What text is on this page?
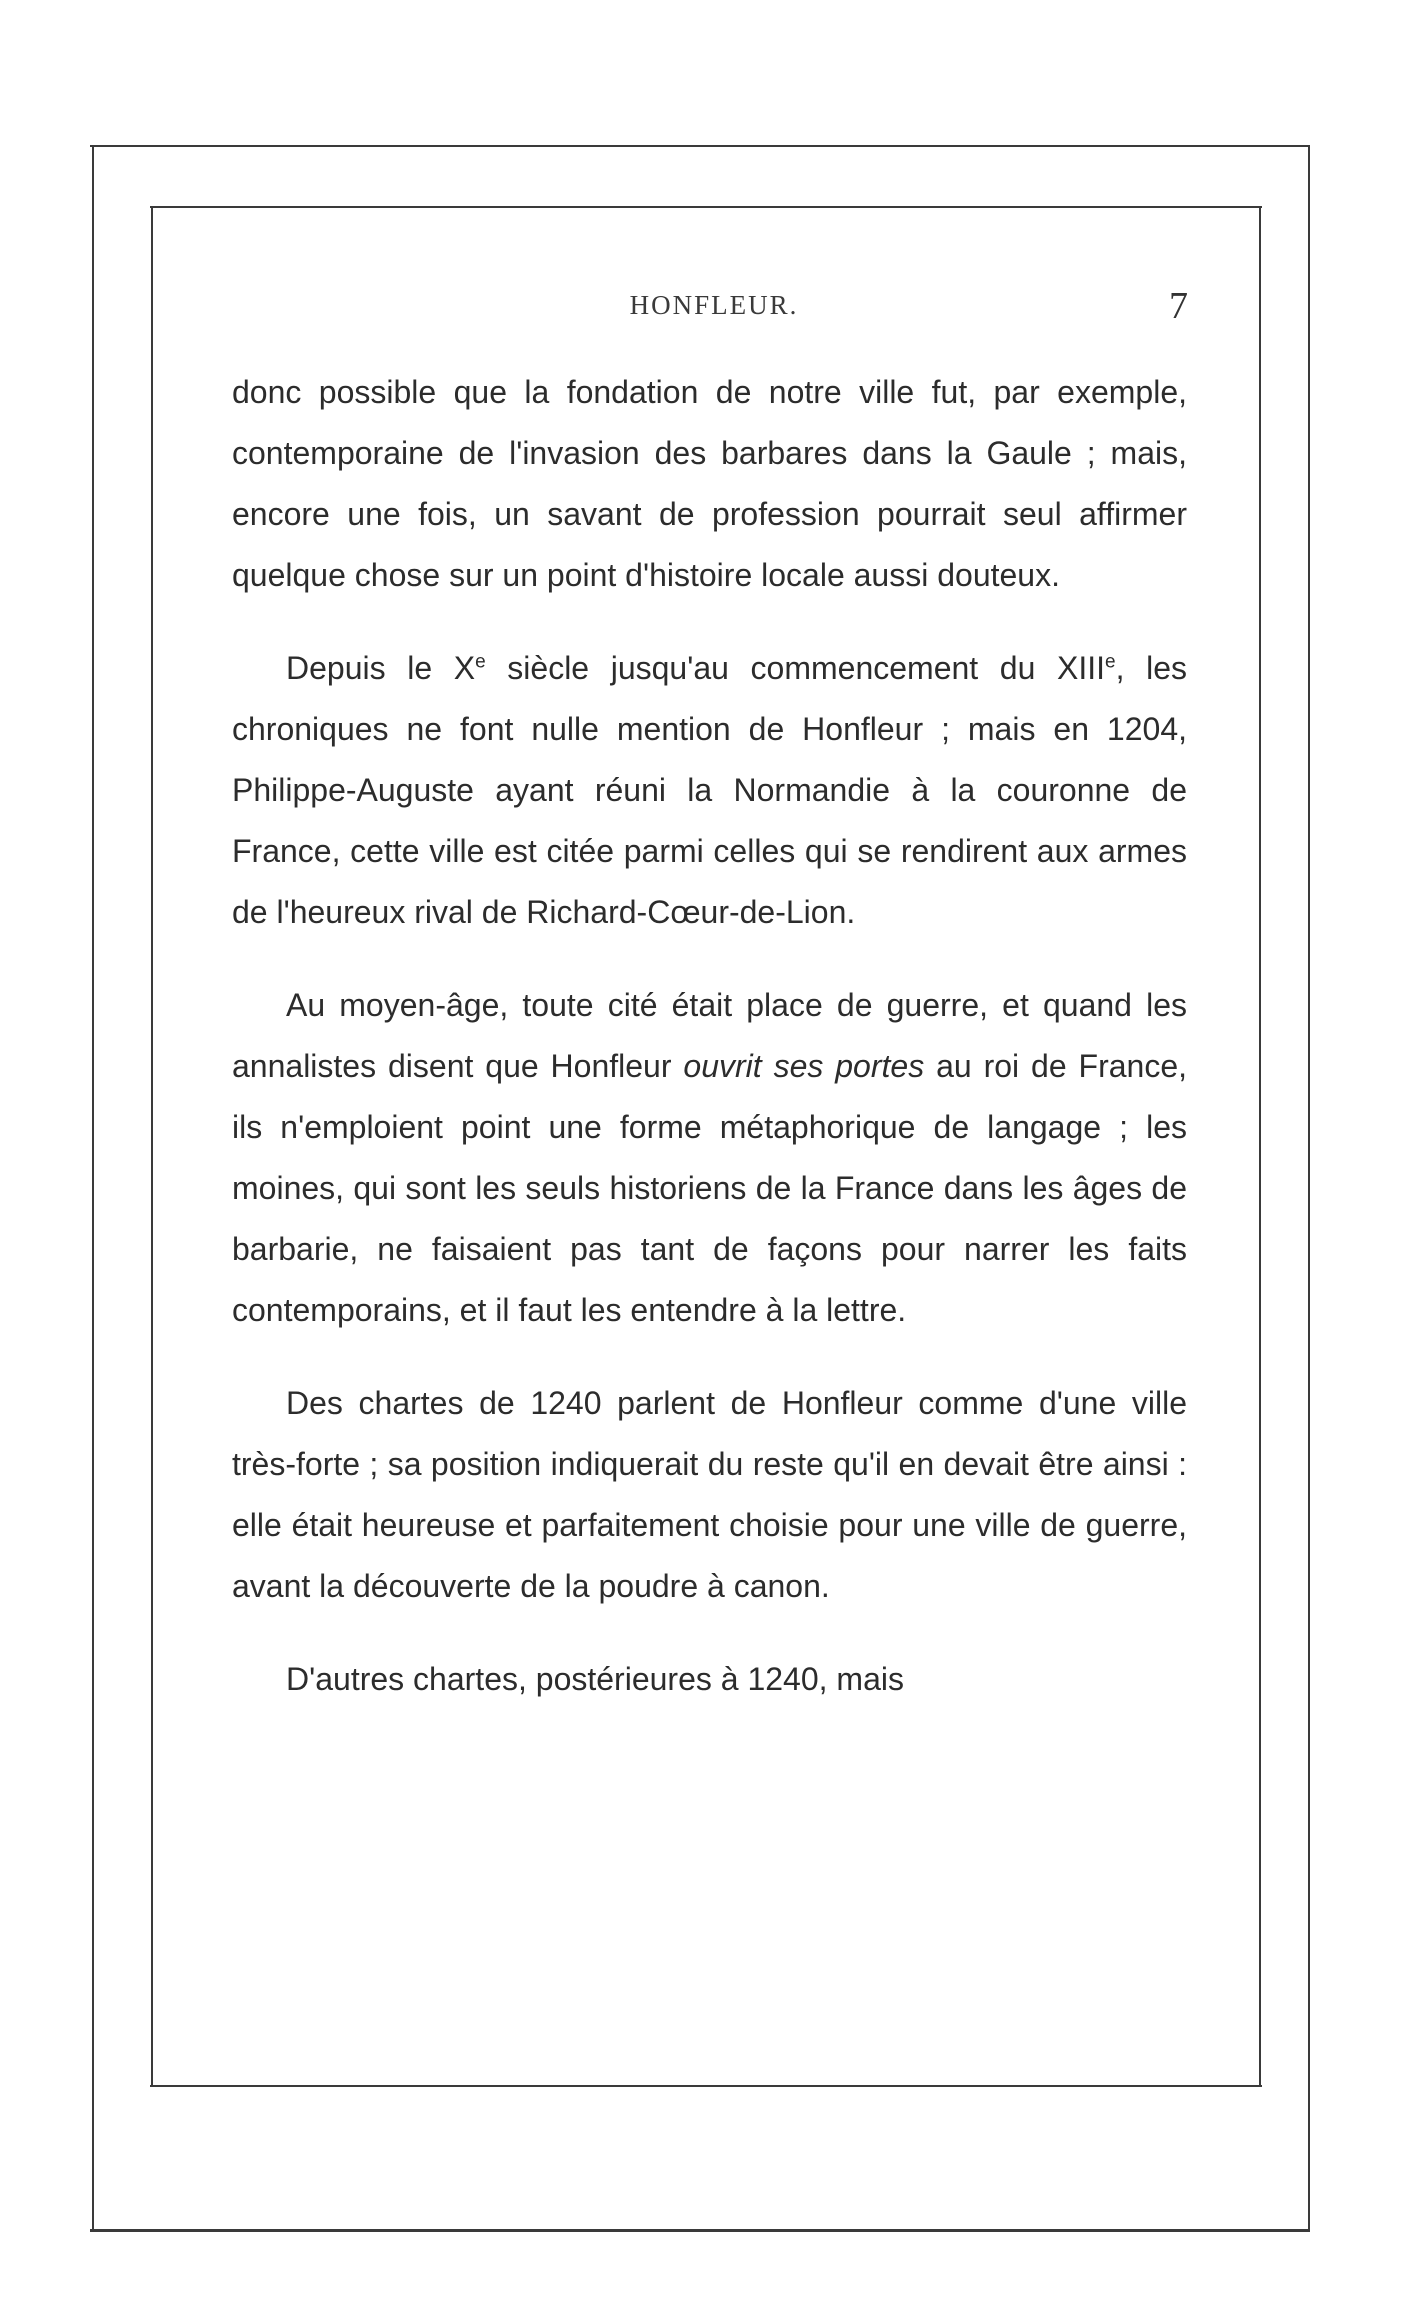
HONFLEUR.	7

donc possible que la fondation de notre ville fut, par exemple, contemporaine de l'invasion des barbares dans la Gaule ; mais, encore une fois, un savant de profession pourrait seul affirmer quelque chose sur un point d'histoire locale aussi douteux.

Depuis le Xe siècle jusqu'au commencement du XIIIe, les chroniques ne font nulle mention de Honfleur ; mais en 1204, Philippe-Auguste ayant réuni la Normandie à la couronne de France, cette ville est citée parmi celles qui se rendirent aux armes de l'heureux rival de Richard-Cœur-de-Lion.

Au moyen-âge, toute cité était place de guerre, et quand les annalistes disent que Honfleur ouvrit ses portes au roi de France, ils n'emploient point une forme métaphorique de langage ; les moines, qui sont les seuls historiens de la France dans les âges de barbarie, ne faisaient pas tant de façons pour narrer les faits contemporains, et il faut les entendre à la lettre.

Des chartes de 1240 parlent de Honfleur comme d'une ville très-forte ; sa position indiquerait du reste qu'il en devait être ainsi : elle était heureuse et parfaitement choisie pour une ville de guerre, avant la découverte de la poudre à canon.

D'autres chartes, postérieures à 1240, mais
